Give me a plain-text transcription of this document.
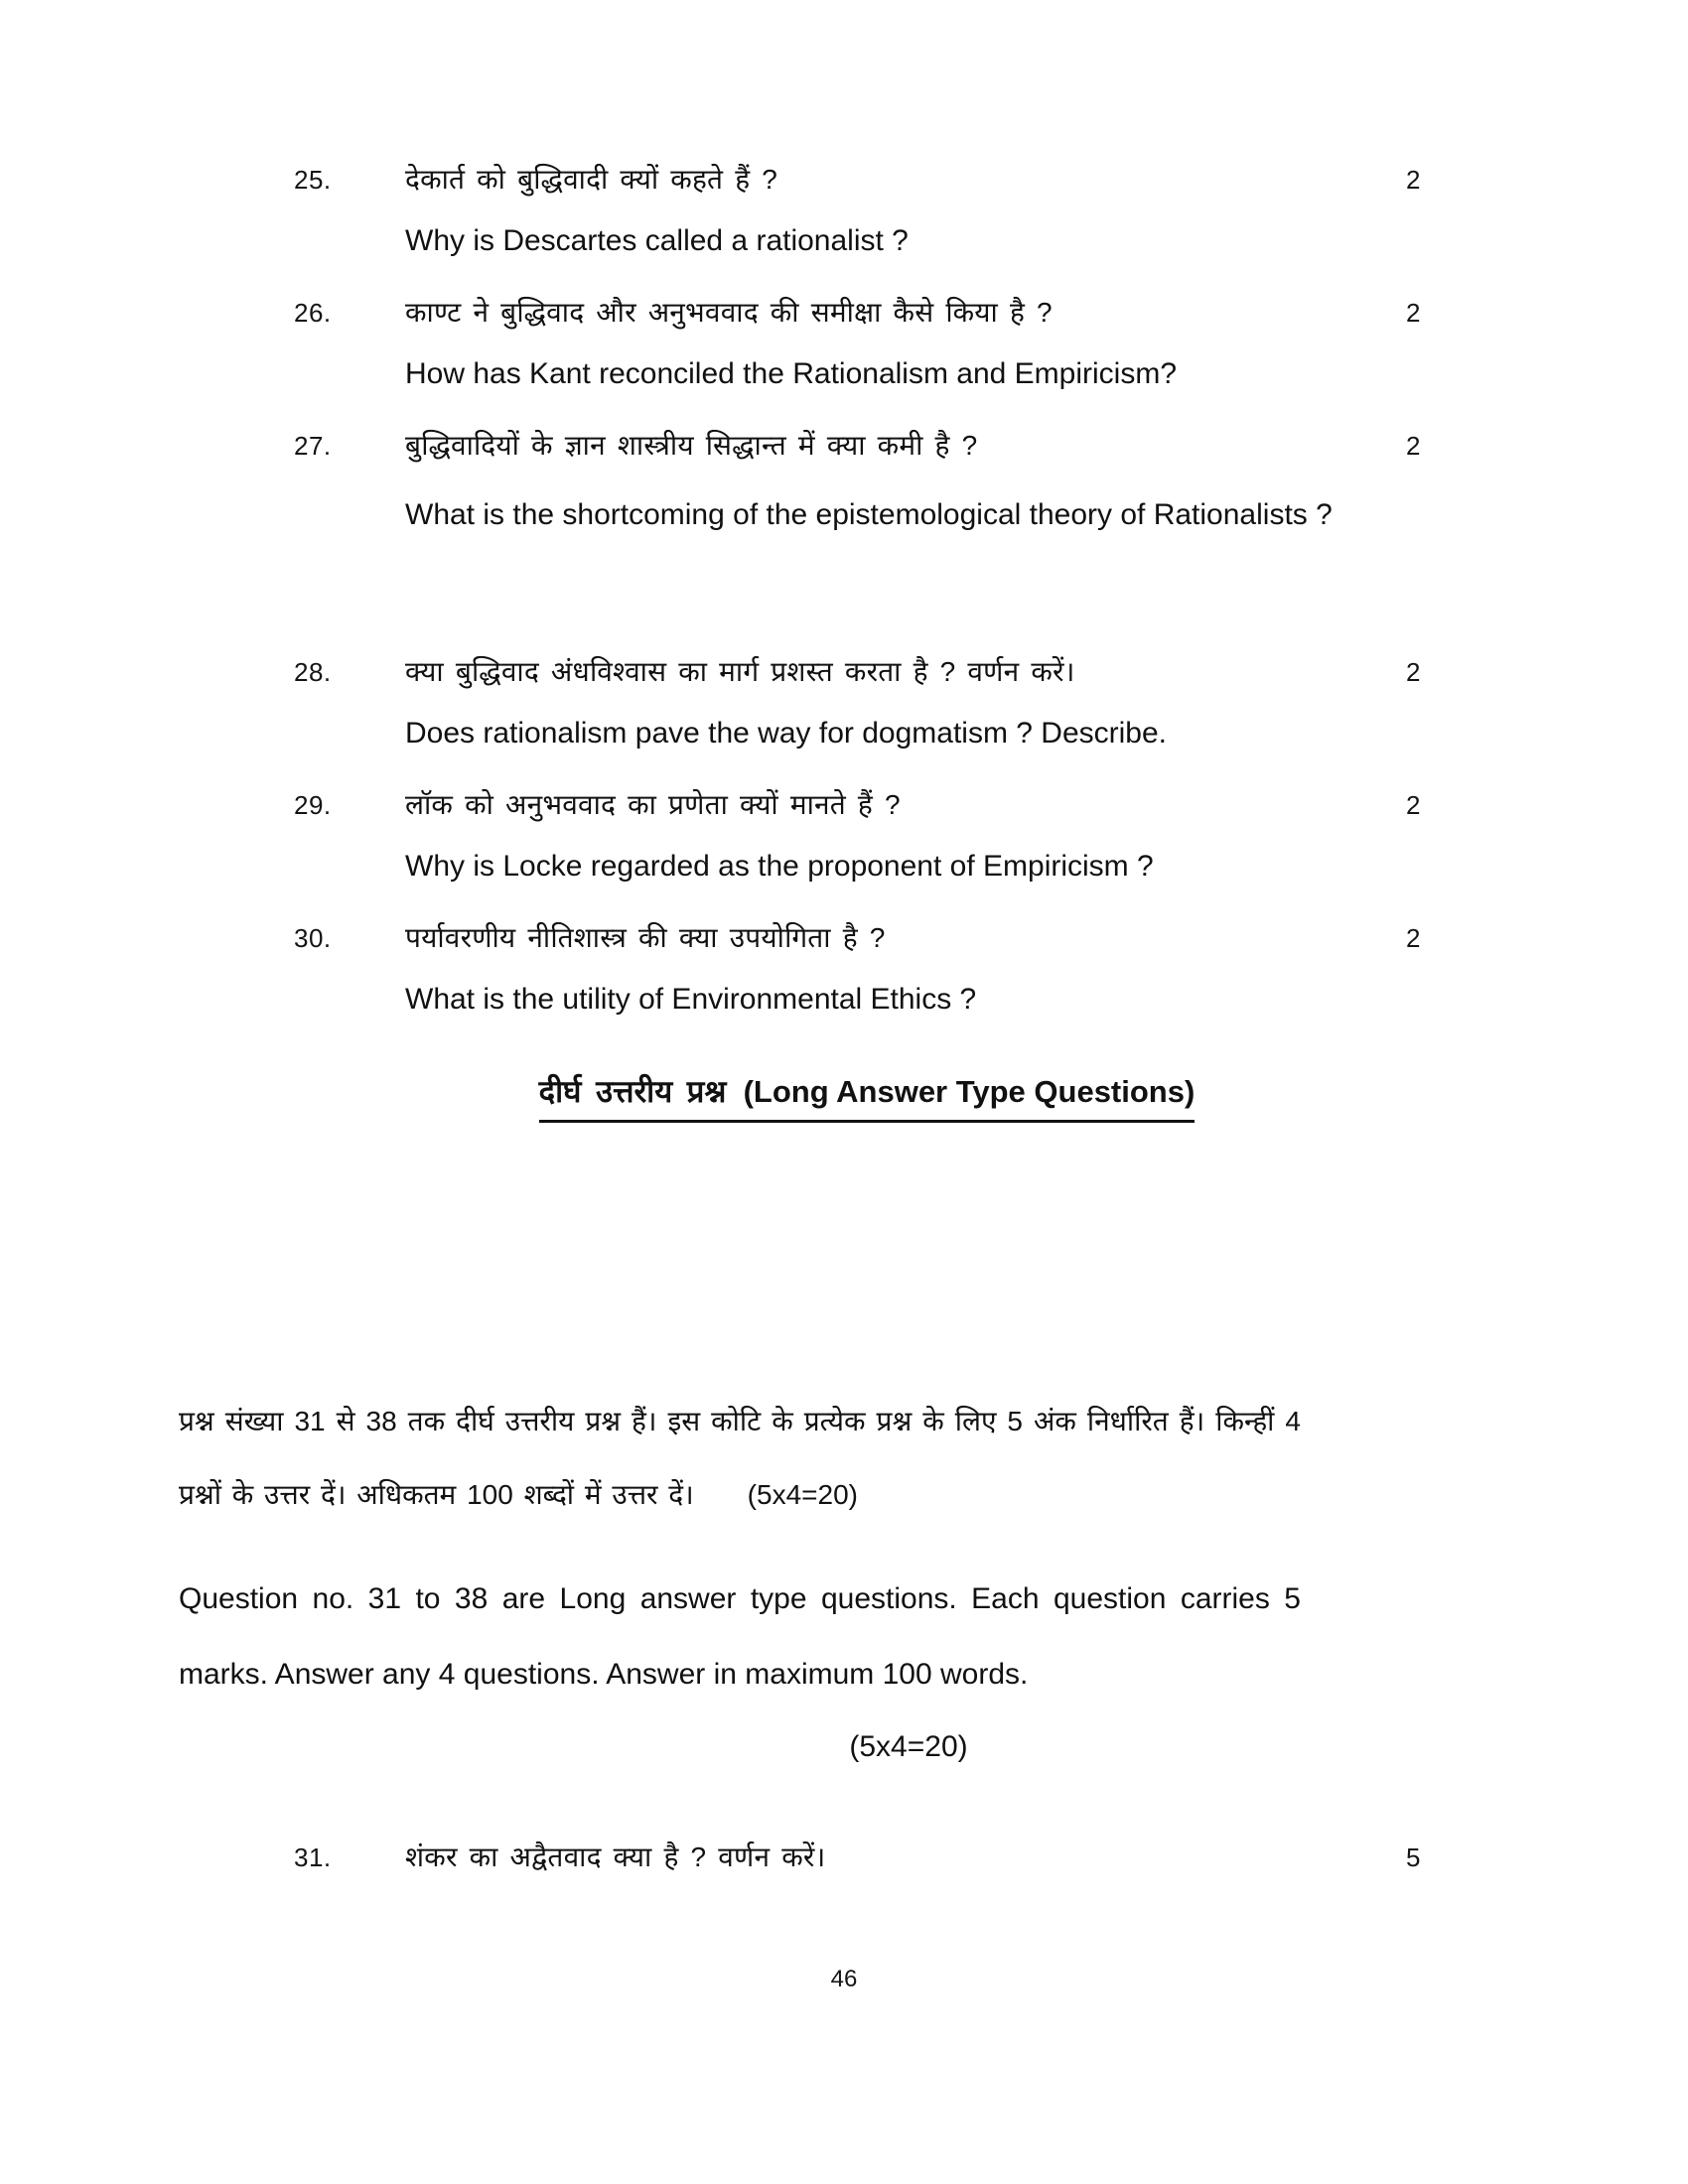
25.	देकार्त को बुद्धिवादी क्यों कहते हैं ?	2
Why is Descartes called a rationalist ?
26.	काण्ट ने बुद्धिवाद और अनुभववाद की समीक्षा कैसे किया है ?	2
How has Kant reconciled the Rationalism and Empiricism?
27.	बुद्धिवादियों के ज्ञान शास्त्रीय सिद्धान्त में क्या कमी है ?	2
What is the shortcoming of the epistemological theory of Rationalists ?
28.	क्या बुद्धिवाद अंधविश्वास का मार्ग प्रशस्त करता है ? वर्णन करें।	2
Does rationalism pave the way for dogmatism ? Describe.
29.	लॉक को अनुभववाद का प्रणेता क्यों मानते हैं ?	2
Why is Locke regarded as the proponent of Empiricism ?
30.	पर्यावरणीय नीतिशास्त्र की क्या उपयोगिता है ?	2
What is the utility of Environmental Ethics ?
दीर्घ उत्तरीय प्रश्न (Long Answer Type Questions)
प्रश्न संख्या 31 से 38 तक दीर्घ उत्तरीय प्रश्न हैं। इस कोटि के प्रत्येक प्रश्न के लिए 5 अंक निर्धारित हैं। किन्हीं 4 प्रश्नों के उत्तर दें। अधिकतम 100 शब्दों में उत्तर दें। (5x4=20)
Question no. 31 to 38 are Long answer type questions. Each question carries 5 marks. Answer any 4 questions. Answer in maximum 100 words.
(5x4=20)
31.	शंकर का अद्वैतवाद क्या है ? वर्णन करें।	5
46
